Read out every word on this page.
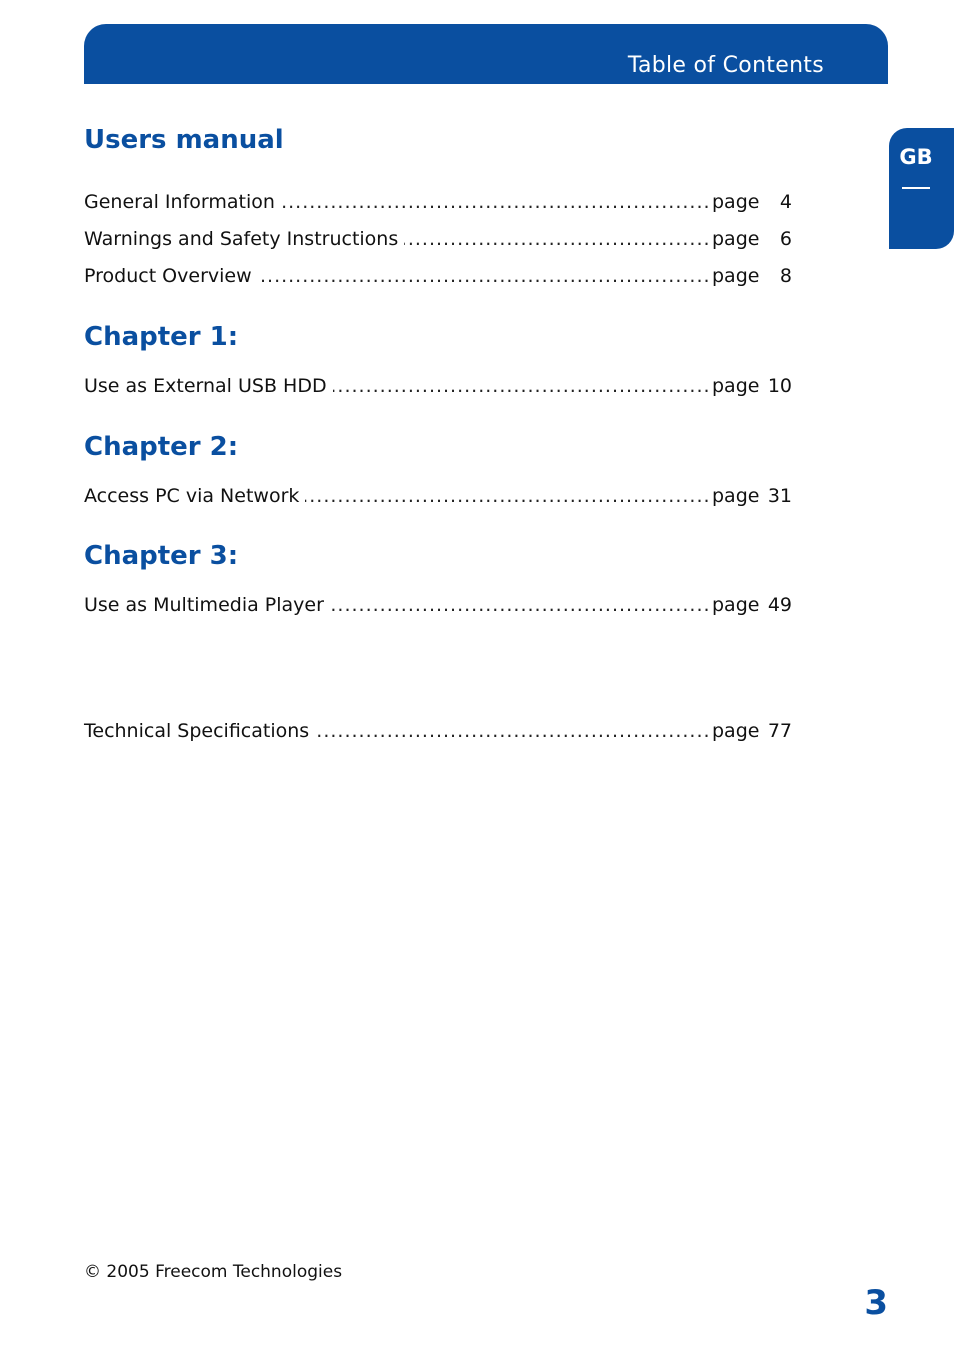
Table of Contents
GB
Users manual
.....
General Information	page 4
.....
Warnings and Safety Instructions	page 6
.....
Product Overview	page 8
Chapter 1:
.....
Use as External USB HDD	page 10
Chapter 2:
.....
Access PC via Network	page 31
Chapter 3:
.....
Use as Multimedia Player	page 49
.....
Technical Specifications	page 77
© 2005 Freecom Technologies
3
